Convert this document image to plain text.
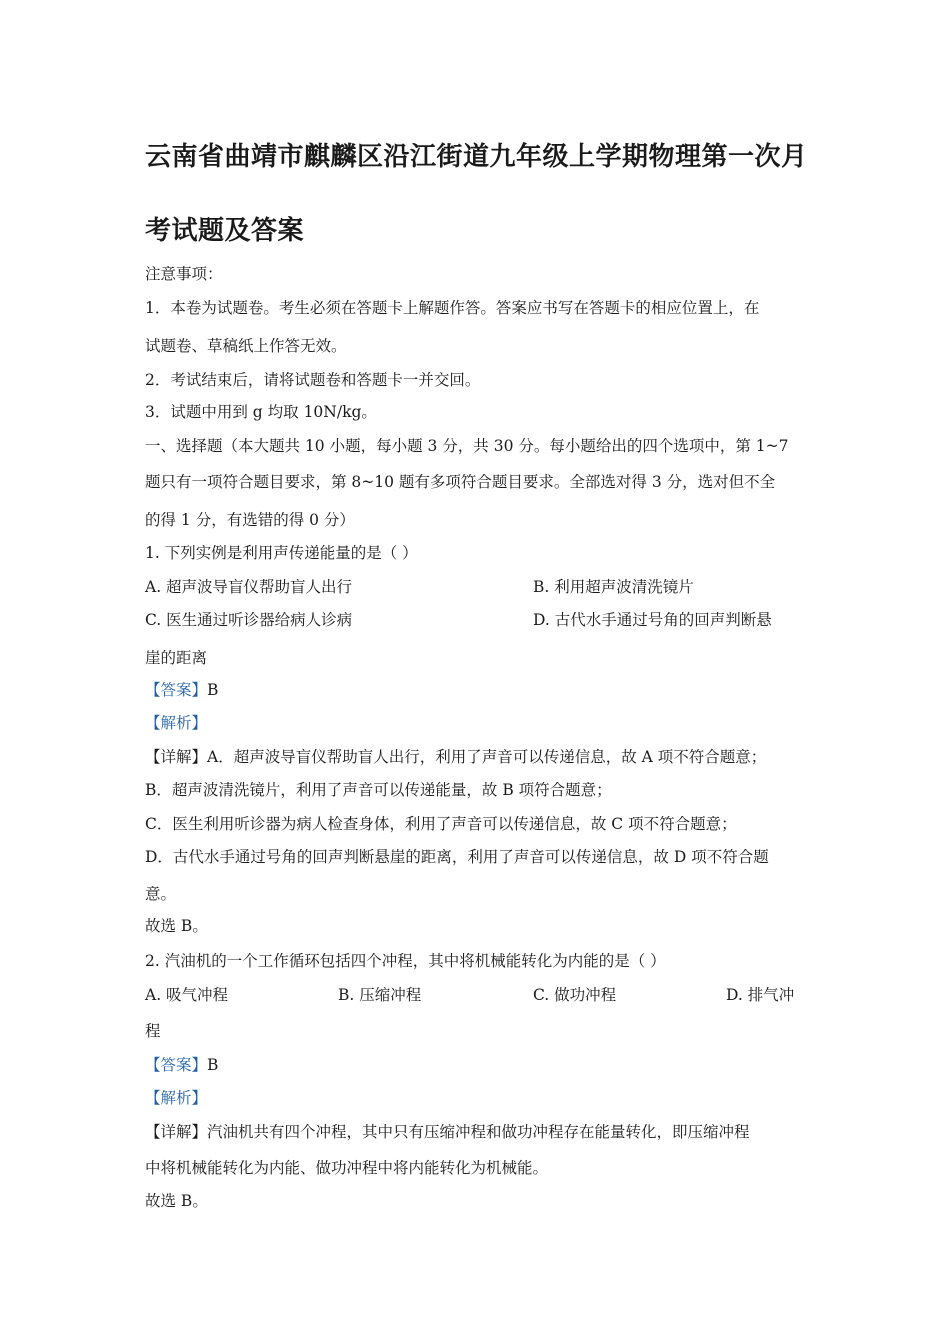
云南省曲靖市麒麟区沿江街道九年级上学期物理第一次月
考试题及答案
注意事项：
1．本卷为试题卷。考生必须在答题卡上解题作答。答案应书写在答题卡的相应位置上，在
试题卷、草稿纸上作答无效。
2．考试结束后，请将试题卷和答题卡一并交回。
3．试题中用到 g 均取 10N/kg。
一、选择题（本大题共 10 小题，每小题 3 分，共 30 分。每小题给出的四个选项中，第 1~7
题只有一项符合题目要求，第 8~10 题有多项符合题目要求。全部选对得 3 分，选对但不全
的得 1 分，有选错的得 0 分）
1. 下列实例是利用声传递能量的是（ ）
A. 超声波导盲仪帮助盲人出行	B. 利用超声波清洗镜片
C. 医生通过听诊器给病人诊病	D. 古代水手通过号角的回声判断悬
崖的距离
【答案】B
【解析】
【详解】A．超声波导盲仪帮助盲人出行，利用了声音可以传递信息，故 A 项不符合题意；
B．超声波清洗镜片，利用了声音可以传递能量，故 B 项符合题意；
C．医生利用听诊器为病人检查身体，利用了声音可以传递信息，故 C 项不符合题意；
D．古代水手通过号角的回声判断悬崖的距离，利用了声音可以传递信息，故 D 项不符合题
意。
故选 B。
2. 汽油机的一个工作循环包括四个冲程，其中将机械能转化为内能的是（ ）
A. 吸气冲程	B. 压缩冲程	C. 做功冲程	D. 排气冲
程
【答案】B
【解析】
【详解】汽油机共有四个冲程，其中只有压缩冲程和做功冲程存在能量转化，即压缩冲程
中将机械能转化为内能、做功冲程中将内能转化为机械能。
故选 B。
